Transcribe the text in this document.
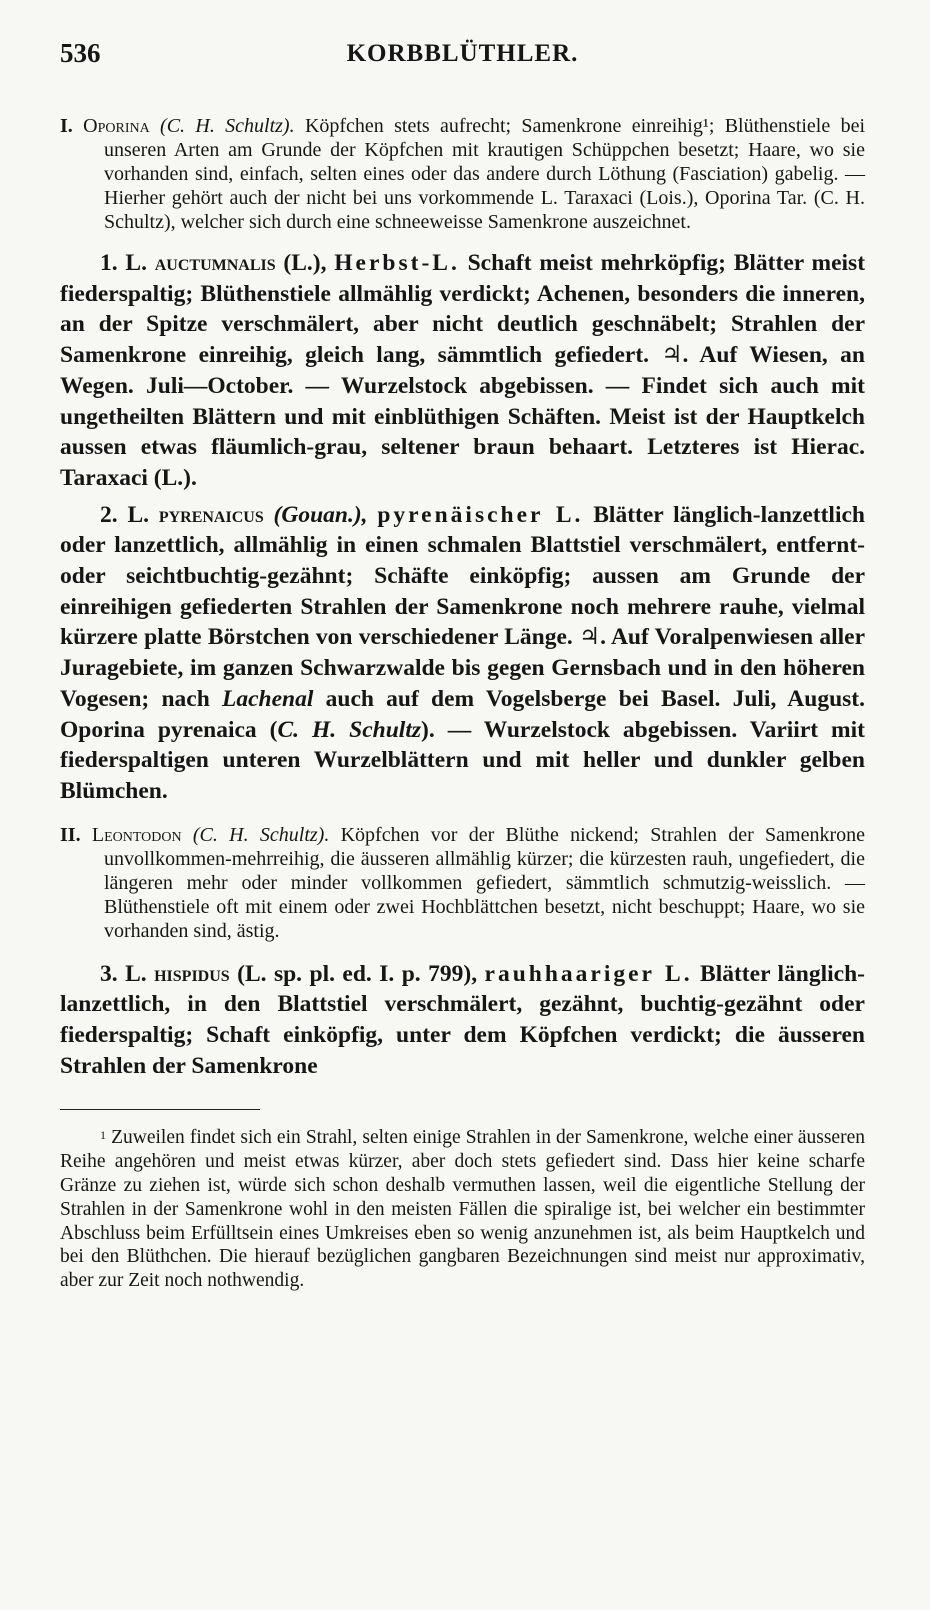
536	KORBBLÜTHLER.

I. Oporina (C. H. Schultz). Köpfchen stets aufrecht; Samenkrone einreihig¹; Blüthenstiele bei unseren Arten am Grunde der Köpfchen mit krautigen Schüppchen besetzt; Haare, wo sie vorhanden sind, einfach, selten eines oder das andere durch Löthung (Fasciation) gabelig. — Hierher gehört auch der nicht bei uns vorkommende L. Taraxaci (Lois.), Oporina Tar. (C. H. Schultz), welcher sich durch eine schneeweisse Samenkrone auszeichnet.

1. L. auctumnalis (L.), Herbst-L. Schaft meist mehrköpfig; Blätter meist fiederspaltig; Blüthenstiele allmählig verdickt; Achenen, besonders die inneren, an der Spitze verschmälert, aber nicht deutlich geschnäbelt; Strahlen der Samenkrone einreihig, gleich lang, sämmtlich gefiedert. ♃. Auf Wiesen, an Wegen. Juli—October. — Wurzelstock abgebissen. — Findet sich auch mit ungetheilten Blättern und mit einblüthigen Schäften. Meist ist der Hauptkelch aussen etwas fläumlich-grau, seltener braun behaart. Letzteres ist Hierac. Taraxaci (L.).

2. L. pyrenaicus (Gouan.), pyrenäischer L. Blätter länglich-lanzettlich oder lanzettlich, allmählig in einen schmalen Blattstiel verschmälert, entfernt- oder seichtbuchtig-gezähnt; Schäfte einköpfig; aussen am Grunde der einreihigen gefiederten Strahlen der Samenkrone noch mehrere rauhe, vielmal kürzere platte Börstchen von verschiedener Länge. ♃. Auf Voralpenwiesen aller Juragebiete, im ganzen Schwarzwalde bis gegen Gernsbach und in den höheren Vogesen; nach Lachenal auch auf dem Vogelsberge bei Basel. Juli, August. Oporina pyrenaica (C. H. Schultz). — Wurzelstock abgebissen. Variirt mit fiederspaltigen unteren Wurzelblättern und mit heller und dunkler gelben Blümchen.

II. Leontodon (C. H. Schultz). Köpfchen vor der Blüthe nickend; Strahlen der Samenkrone unvollkommen-mehrreihig, die äusseren allmählig kürzer; die kürzesten rauh, ungefiedert, die längeren mehr oder minder vollkommen gefiedert, sämmtlich schmutzig-weisslich. — Blüthenstiele oft mit einem oder zwei Hochblättchen besetzt, nicht beschuppt; Haare, wo sie vorhanden sind, ästig.

3. L. hispidus (L. sp. pl. ed. I. p. 799), rauhhaariger L. Blätter länglich-lanzettlich, in den Blattstiel verschmälert, gezähnt, buchtig-gezähnt oder fiederspaltig; Schaft einköpfig, unter dem Köpfchen verdickt; die äusseren Strahlen der Samenkrone

$^1$ Zuweilen findet sich ein Strahl, selten einige Strahlen in der Samenkrone, welche einer äusseren Reihe angehören und meist etwas kürzer, aber doch stets gefiedert sind. Dass hier keine scharfe Gränze zu ziehen ist, würde sich schon deshalb vermuthen lassen, weil die eigentliche Stellung der Strahlen in der Samenkrone wohl in den meisten Fällen die spiralige ist, bei welcher ein bestimmter Abschluss beim Erfülltsein eines Umkreises eben so wenig anzunehmen ist, als beim Hauptkelch und bei den Blüthchen. Die hierauf bezüglichen gangbaren Bezeichnungen sind meist nur approximativ, aber zur Zeit noch nothwendig.
